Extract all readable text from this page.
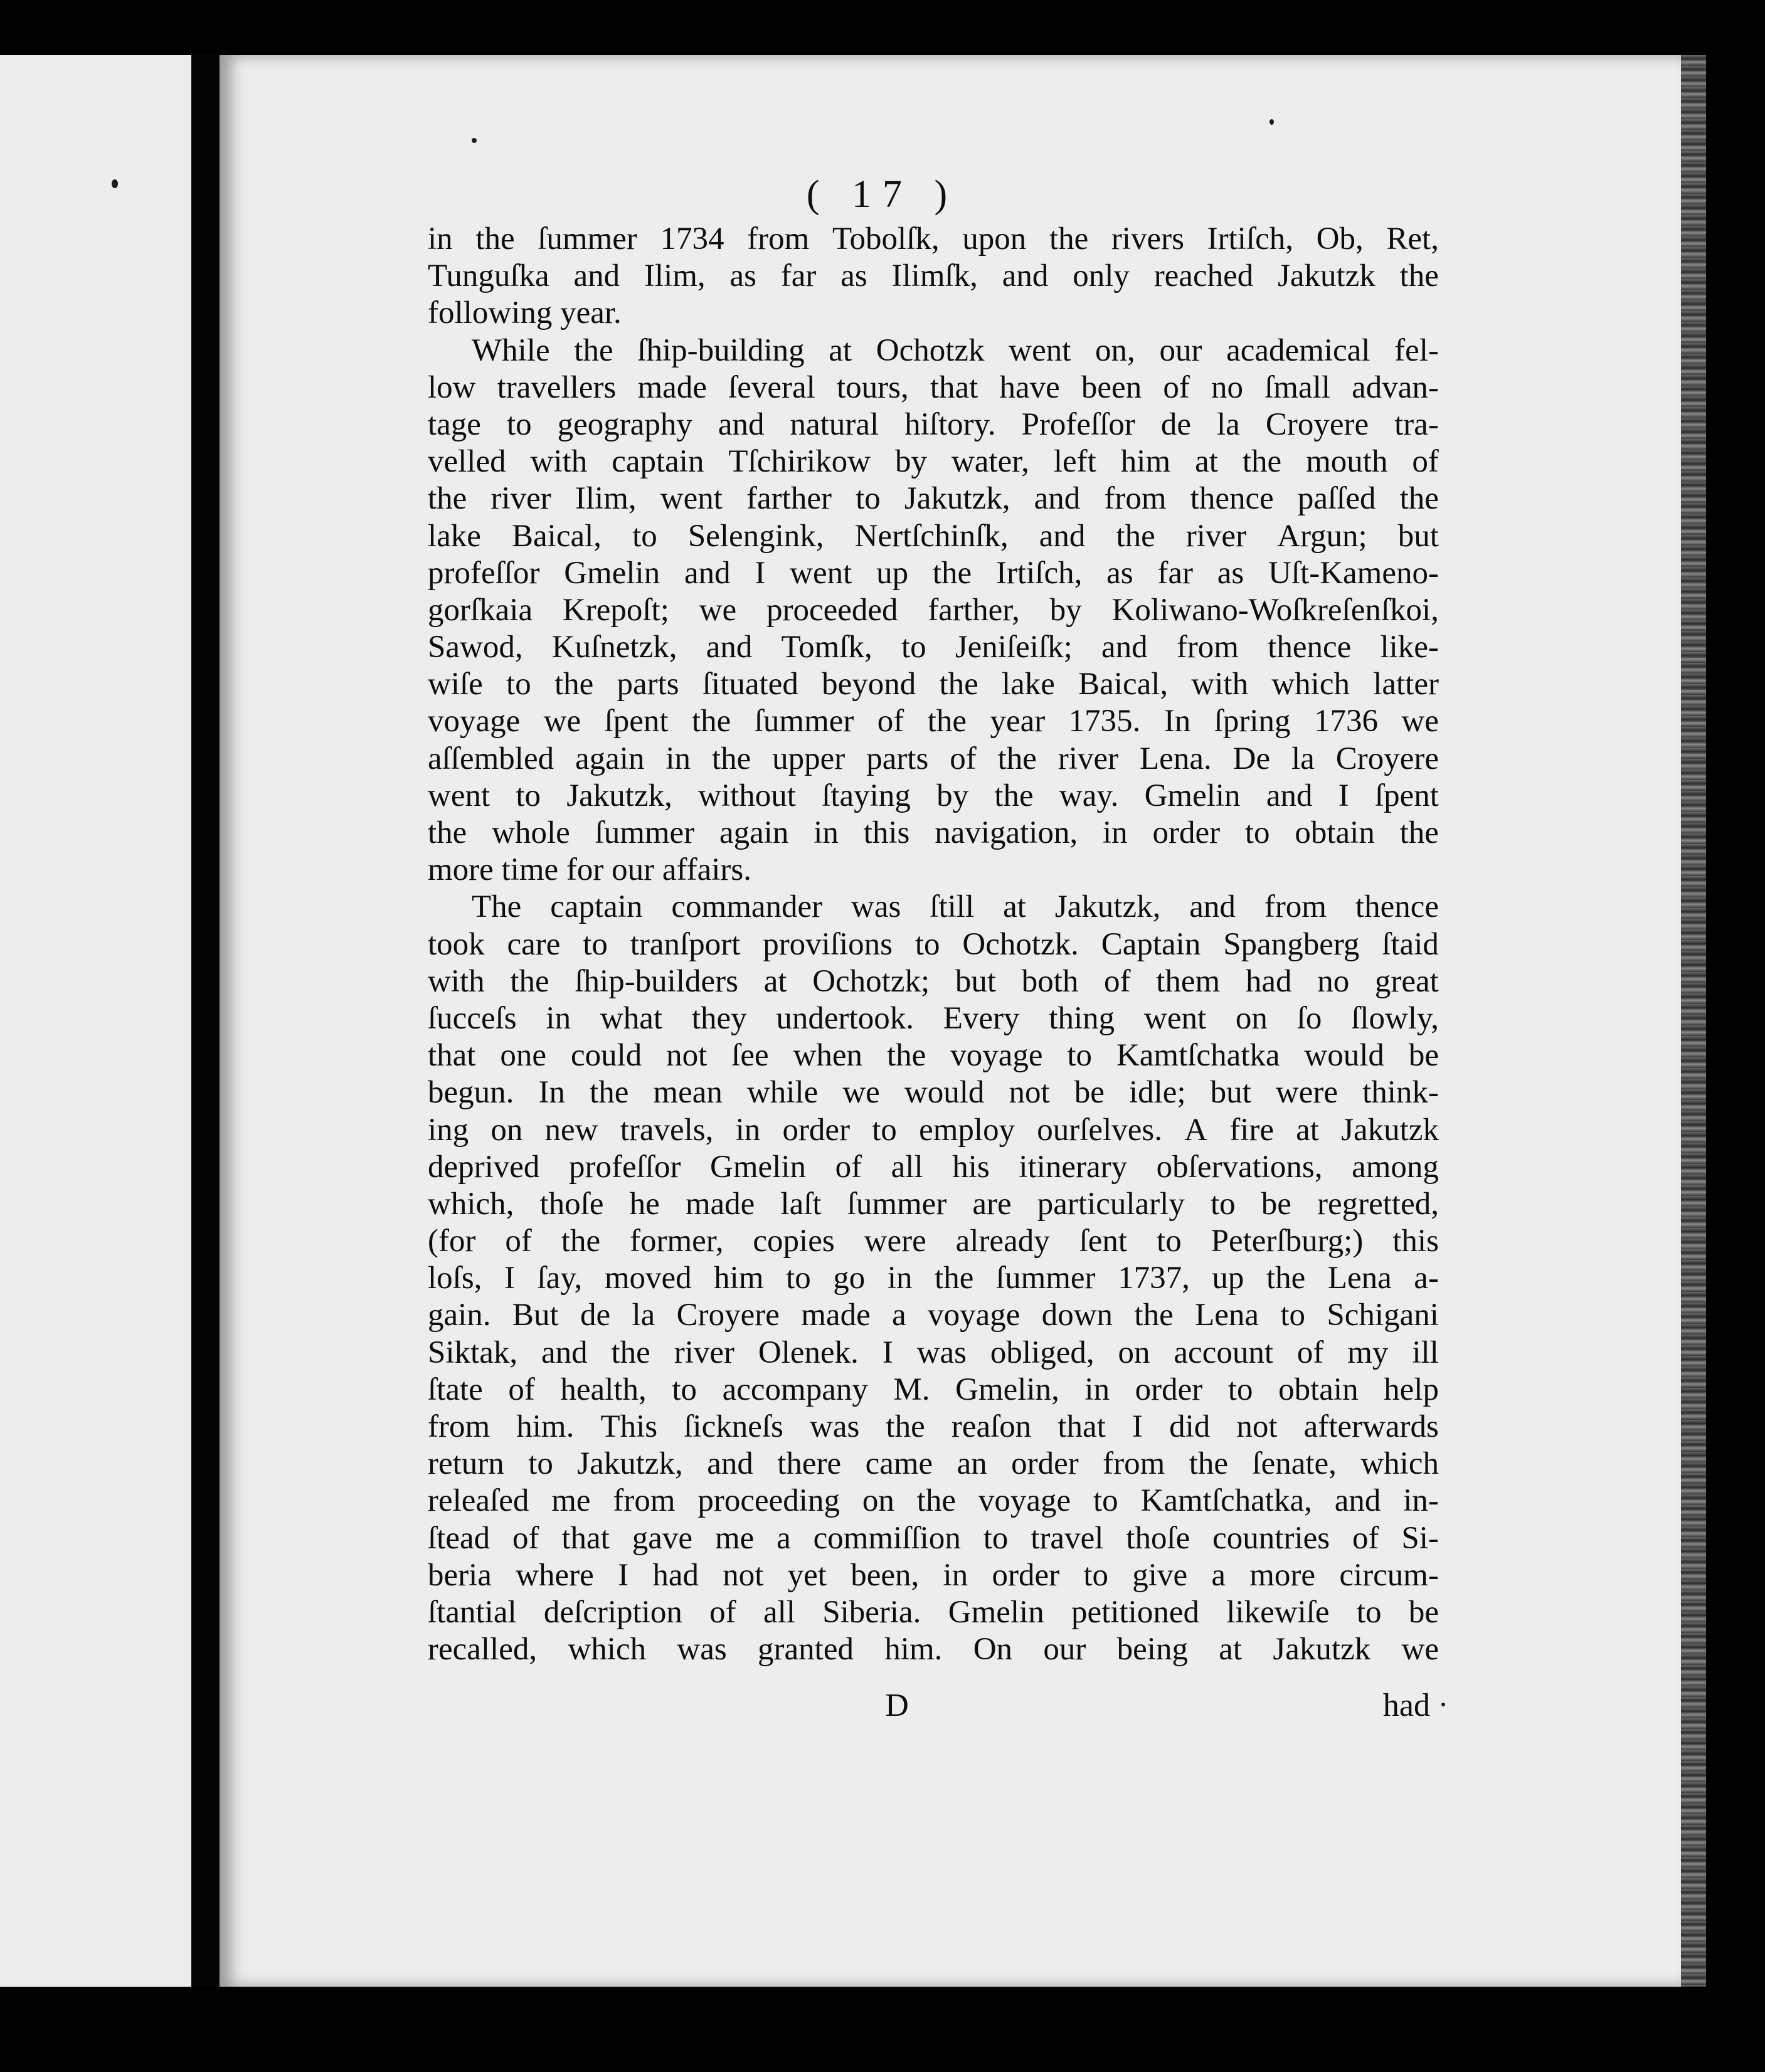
( 17 )
in the ſummer 1734 from Tobolſk, upon the rivers Irtiſch, Ob, Ret,
Tunguſka and Ilim, as far as Ilimſk, and only reached Jakutzk the
following year.
While the ſhip-building at Ochotzk went on, our academical fel-
low travellers made ſeveral tours, that have been of no ſmall advan-
tage to geography and natural hiſtory. Profeſſor de la Croyere tra-
velled with captain Tſchirikow by water, left him at the mouth of
the river Ilim, went farther to Jakutzk, and from thence paſſed the
lake Baical, to Selengink, Nertſchinſk, and the river Argun; but
profeſſor Gmelin and I went up the Irtiſch, as far as Uſt-Kameno-
gorſkaia Krepoſt; we proceeded farther, by Koliwano-Woſkreſenſkoi,
Sawod, Kuſnetzk, and Tomſk, to Jeniſeiſk; and from thence like-
wiſe to the parts ſituated beyond the lake Baical, with which latter
voyage we ſpent the ſummer of the year 1735. In ſpring 1736 we
aſſembled again in the upper parts of the river Lena. De la Croyere
went to Jakutzk, without ſtaying by the way. Gmelin and I ſpent
the whole ſummer again in this navigation, in order to obtain the
more time for our affairs.
The captain commander was ſtill at Jakutzk, and from thence
took care to tranſport proviſions to Ochotzk. Captain Spangberg ſtaid
with the ſhip-builders at Ochotzk; but both of them had no great
ſucceſs in what they undertook. Every thing went on ſo ſlowly,
that one could not ſee when the voyage to Kamtſchatka would be
begun. In the mean while we would not be idle; but were think-
ing on new travels, in order to employ ourſelves. A fire at Jakutzk
deprived profeſſor Gmelin of all his itinerary obſervations, among
which, thoſe he made laſt ſummer are particularly to be regretted,
(for of the former, copies were already ſent to Peterſburg;) this
loſs, I ſay, moved him to go in the ſummer 1737, up the Lena a-
gain. But de la Croyere made a voyage down the Lena to Schigani
Siktak, and the river Olenek. I was obliged, on account of my ill
ſtate of health, to accompany M. Gmelin, in order to obtain help
from him. This ſickneſs was the reaſon that I did not afterwards
return to Jakutzk, and there came an order from the ſenate, which
releaſed me from proceeding on the voyage to Kamtſchatka, and in-
ſtead of that gave me a commiſſion to travel thoſe countries of Si-
beria where I had not yet been, in order to give a more circum-
ſtantial deſcription of all Siberia. Gmelin petitioned likewiſe to be
recalled, which was granted him. On our being at Jakutzk we
D	had
